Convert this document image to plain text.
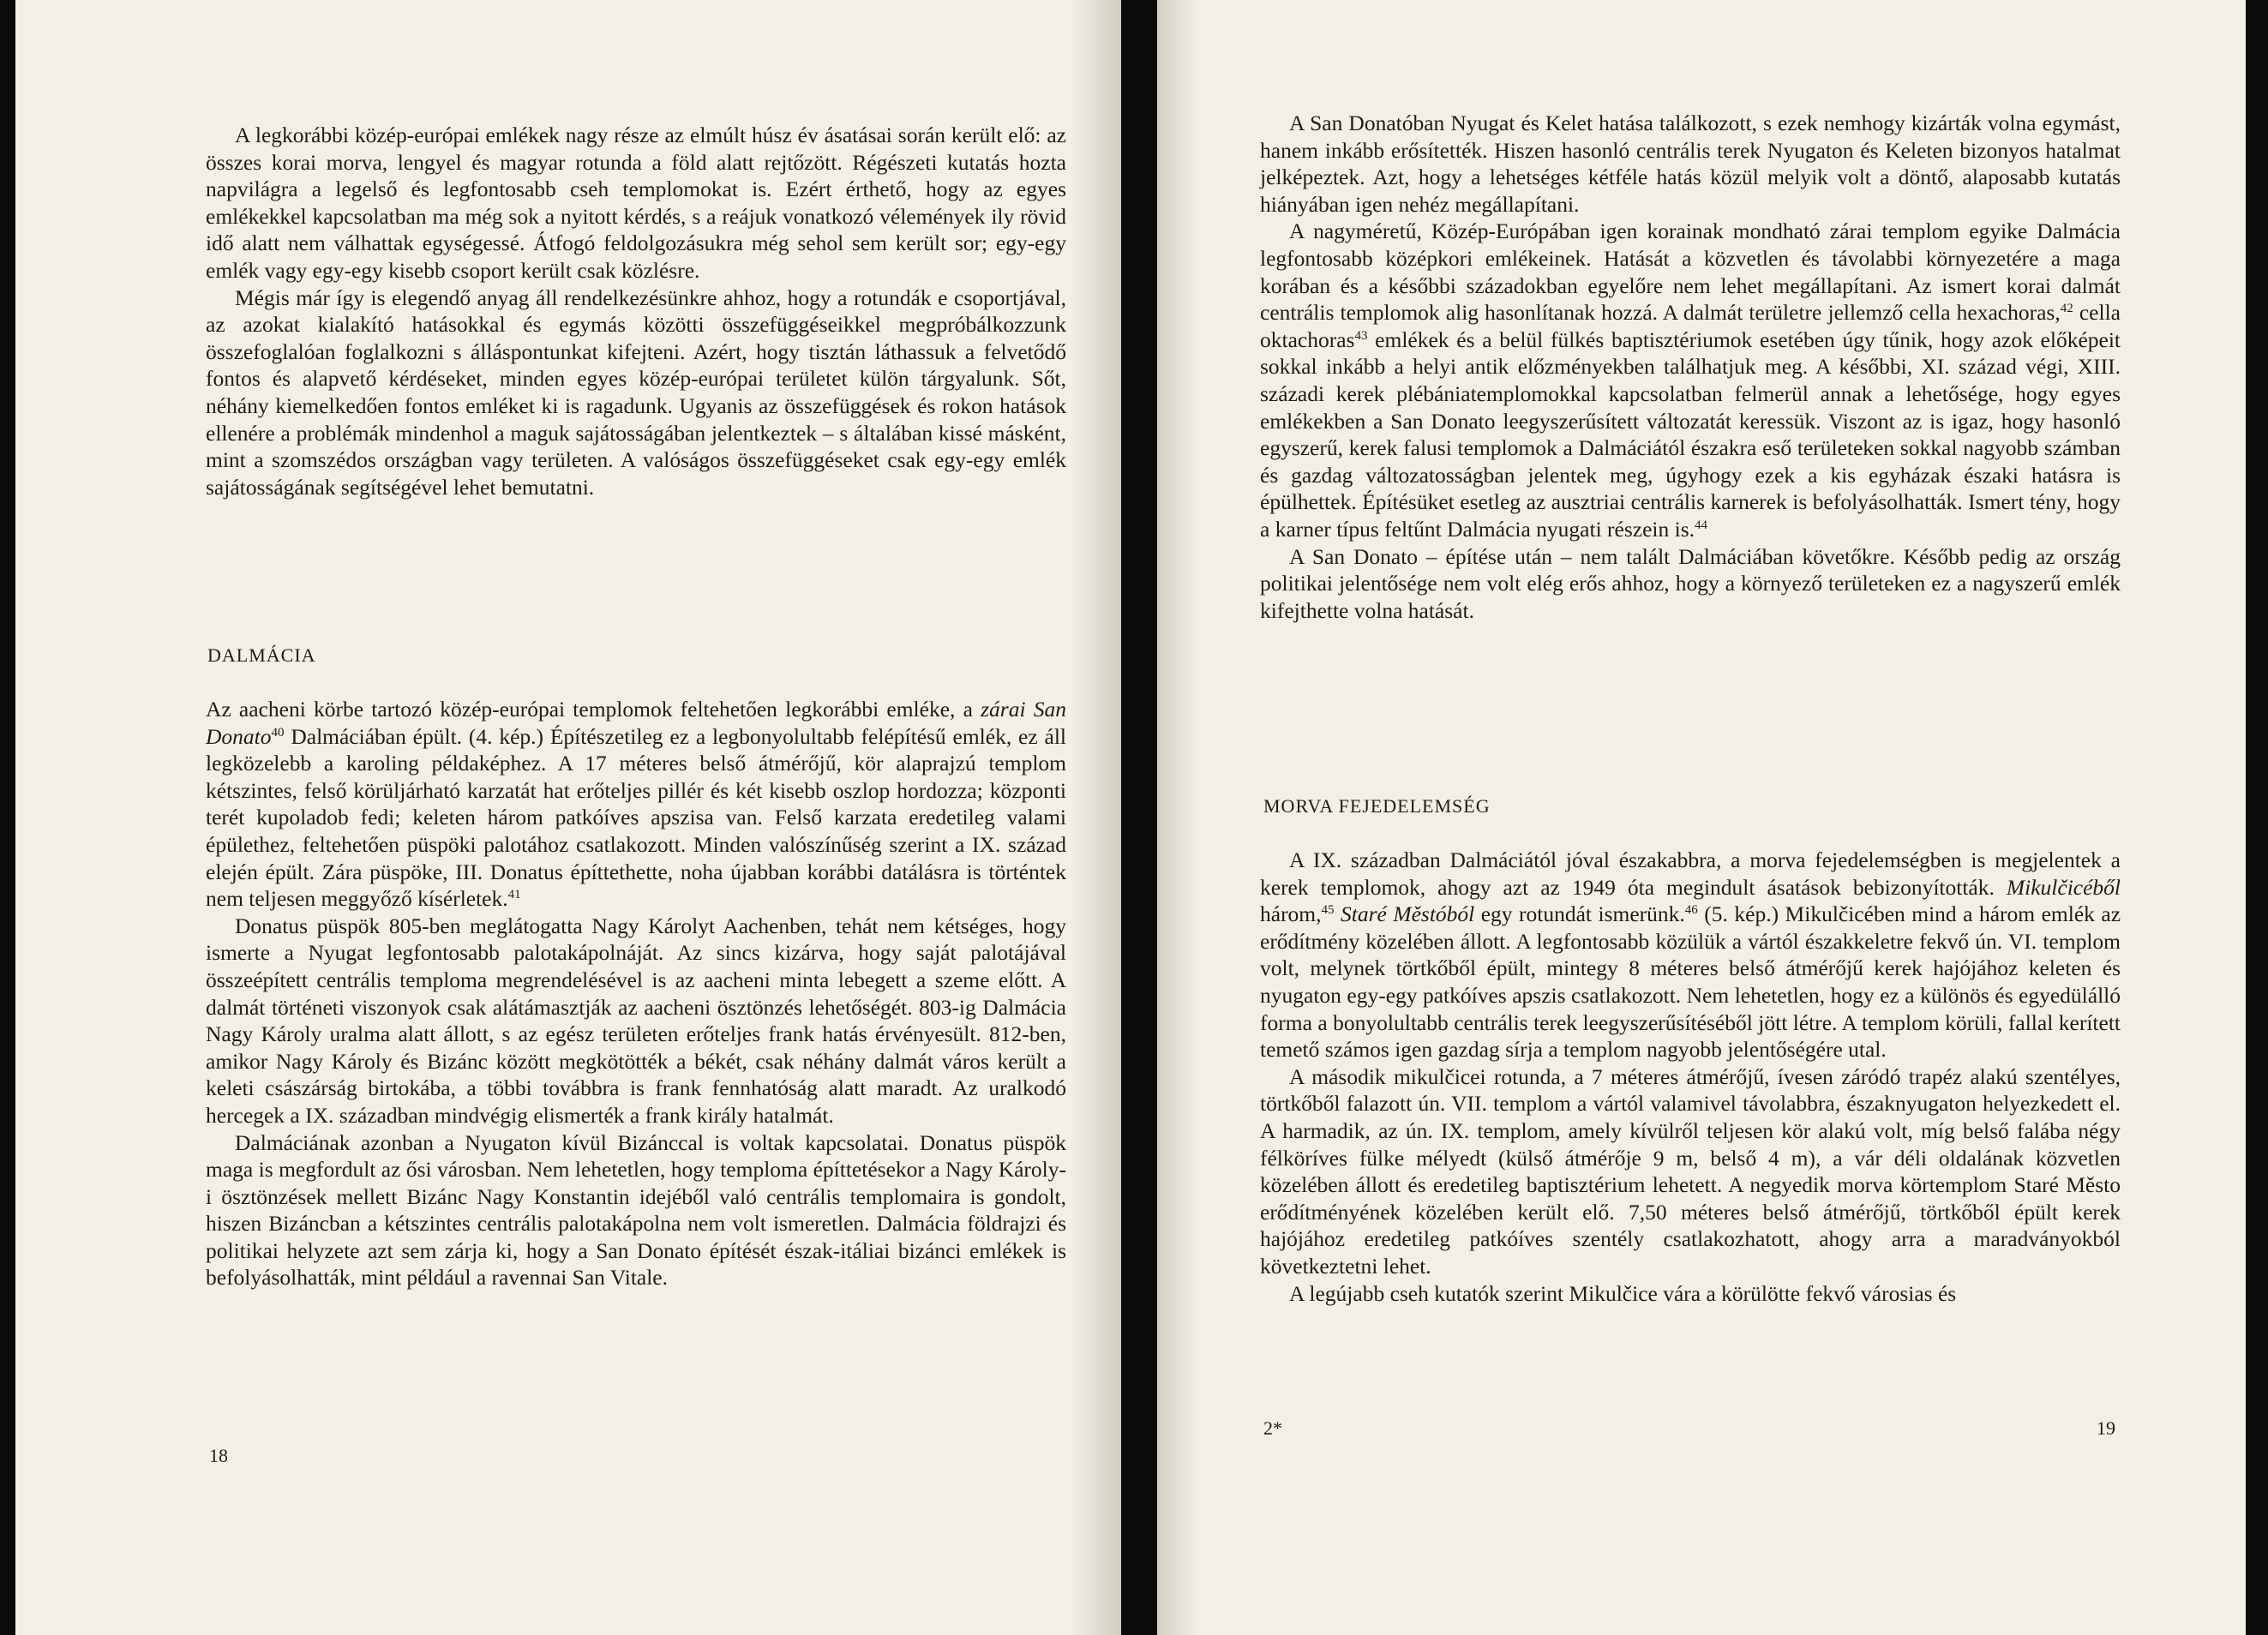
A legkorábbi közép-európai emlékek nagy része az elmúlt húsz év ásatásai során került elő: az összes korai morva, lengyel és magyar rotunda a föld alatt rejtőzött. Régészeti kutatás hozta napvilágra a legelső és legfontosabb cseh templomokat is. Ezért érthető, hogy az egyes emlékekkel kapcsolatban ma még sok a nyitott kérdés, s a reájuk vonatkozó vélemények ily rövid idő alatt nem válhattak egységessé. Átfogó feldolgozásukra még sehol sem került sor; egy-egy emlék vagy egy-egy kisebb csoport került csak közlésre.

Mégis már így is elegendő anyag áll rendelkezésünkre ahhoz, hogy a rotundák e csoportjával, az azokat kialakító hatásokkal és egymás közötti összefüggéseikkel megpróbálkozzunk összefoglalóan foglalkozni s álláspontunkat kifejteni. Azért, hogy tisztán láthassuk a felvetődő fontos és alapvető kérdéseket, minden egyes közép-európai területet külön tárgyalunk. Sőt, néhány kiemelkedően fontos emléket ki is ragadunk. Ugyanis az összefüggések és rokon hatások ellenére a problémák mindenhol a maguk sajátosságában jelentkeztek – s általában kissé másként, mint a szomszédos országban vagy területen. A valóságos összefüggéseket csak egy-egy emlék sajátosságának segítségével lehet bemutatni.

DALMÁCIA

Az aacheni körbe tartozó közép-európai templomok feltehetően legkorábbi emléke, a zárai San Donato$^{40}$ Dalmáciában épült. (4. kép.) Építészetileg ez a legbonyolultabb felépítésű emlék, ez áll legközelebb a karoling példaképhez. A 17 méteres belső átmérőjű, kör alaprajzú templom kétszintes, felső körüljárható karzatát hat erőteljes pillér és két kisebb oszlop hordozza; központi terét kupoladob fedi; keleten három patkóíves apszisa van. Felső karzata eredetileg valami épülethez, feltehetően püspöki palotához csatlakozott. Minden valószínűség szerint a IX. század elején épült. Zára püspöke, III. Donatus építtethette, noha újabban korábbi datálásra is történtek nem teljesen meggyőző kísérletek.$^{41}$

Donatus püspök 805-ben meglátogatta Nagy Károlyt Aachenben, tehát nem kétséges, hogy ismerte a Nyugat legfontosabb palotakápolnáját. Az sincs kizárva, hogy saját palotájával összeépített centrális temploma megrendelésével is az aacheni minta lebegett a szeme előtt. A dalmát történeti viszonyok csak alátámasztják az aacheni ösztönzés lehetőségét. 803-ig Dalmácia Nagy Károly uralma alatt állott, s az egész területen erőteljes frank hatás érvényesült. 812-ben, amikor Nagy Károly és Bizánc között megkötötték a békét, csak néhány dalmát város került a keleti császárság birtokába, a többi továbbra is frank fennhatóság alatt maradt. Az uralkodó hercegek a IX. században mindvégig elismerték a frank király hatalmát.

Dalmáciának azonban a Nyugaton kívül Bizánccal is voltak kapcsolatai. Donatus püspök maga is megfordult az ősi városban. Nem lehetetlen, hogy temploma építtetésekor a Nagy Károly-i ösztönzések mellett Bizánc Nagy Konstantin idejéből való centrális templomaira is gondolt, hiszen Bizáncban a kétszintes centrális palotakápolna nem volt ismeretlen. Dalmácia földrajzi és politikai helyzete azt sem zárja ki, hogy a San Donato építését észak-itáliai bizánci emlékek is befolyásolhatták, mint például a ravennai San Vitale.

18

A San Donatóban Nyugat és Kelet hatása találkozott, s ezek nemhogy kizárták volna egymást, hanem inkább erősítették. Hiszen hasonló centrális terek Nyugaton és Keleten bizonyos hatalmat jelképeztek. Azt, hogy a lehetséges kétféle hatás közül melyik volt a döntő, alaposabb kutatás hiányában igen nehéz megállapítani.

A nagyméretű, Közép-Európában igen korainak mondható zárai templom egyike Dalmácia legfontosabb középkori emlékeinek. Hatását a közvetlen és távolabbi környezetére a maga korában és a későbbi századokban egyelőre nem lehet megállapítani. Az ismert korai dalmát centrális templomok alig hasonlítanak hozzá. A dalmát területre jellemző cella hexachoras,$^{42}$ cella oktachoras$^{43}$ emlékek és a belül fülkés baptisztériumok esetében úgy tűnik, hogy azok előképeit sokkal inkább a helyi antik előzményekben találhatjuk meg. A későbbi, XI. század végi, XIII. századi kerek plébániatemplomokkal kapcsolatban felmerül annak a lehetősége, hogy egyes emlékekben a San Donato leegyszerűsített változatát keressük. Viszont az is igaz, hogy hasonló egyszerű, kerek falusi templomok a Dalmáciától északra eső területeken sokkal nagyobb számban és gazdag változatosságban jelentek meg, úgyhogy ezek a kis egyházak északi hatásra is épülhettek. Építésüket esetleg az ausztriai centrális karnerek is befolyásolhatták. Ismert tény, hogy a karner típus feltűnt Dalmácia nyugati részein is.$^{44}$

A San Donato – építése után – nem talált Dalmáciában követőkre. Később pedig az ország politikai jelentősége nem volt elég erős ahhoz, hogy a környező területeken ez a nagyszerű emlék kifejthette volna hatását.

MORVA FEJEDELEMSÉG

A IX. században Dalmáciától jóval északabbra, a morva fejedelemségben is megjelentek a kerek templomok, ahogy azt az 1949 óta megindult ásatások bebizonyították. Mikulčicéből három,$^{45}$ Staré Městóból egy rotundát ismerünk.$^{46}$ (5. kép.) Mikulčicében mind a három emlék az erődítmény közelében állott. A legfontosabb közülük a vártól északkeletre fekvő ún. VI. templom volt, melynek törtkőből épült, mintegy 8 méteres belső átmérőjű kerek hajójához keleten és nyugaton egy-egy patkóíves apszis csatlakozott. Nem lehetetlen, hogy ez a különös és egyedülálló forma a bonyolultabb centrális terek leegyszerűsítéséből jött létre. A templom körüli, fallal kerített temető számos igen gazdag sírja a templom nagyobb jelentőségére utal.

A második mikulčicei rotunda, a 7 méteres átmérőjű, ívesen záródó trapéz alakú szentélyes, törtkőből falazott ún. VII. templom a vártól valamivel távolabbra, északnyugaton helyezkedett el. A harmadik, az ún. IX. templom, amely kívülről teljesen kör alakú volt, míg belső falába négy félköríves fülke mélyedt (külső átmérője 9 m, belső 4 m), a vár déli oldalának közvetlen közelében állott és eredetileg baptisztérium lehetett. A negyedik morva körtemplom Staré Město erődítményének közelében került elő. 7,50 méteres belső átmérőjű, törtkőből épült kerek hajójához eredetileg patkóíves szentély csatlakozhatott, ahogy arra a maradványokból következtetni lehet.

A legújabb cseh kutatók szerint Mikulčice vára a körülötte fekvő városias és

2*	19
